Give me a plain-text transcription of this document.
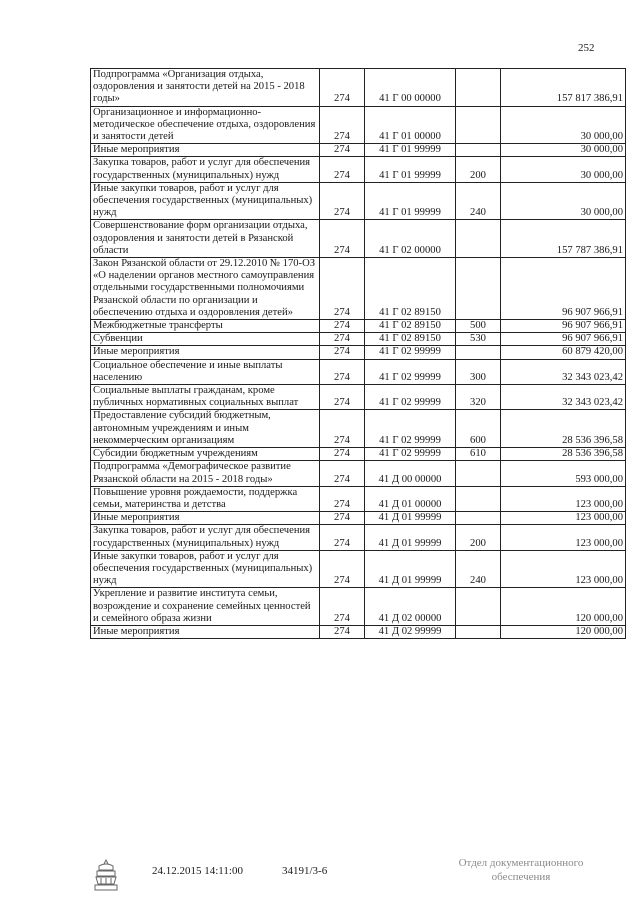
252
Подпрограмма «Организация отдыха, оздоровления и занятости детей на 2015 - 2018 годы»	274	41 Г 00 00000		157 817 386,91
Организационное и информационно-методическое обеспечение отдыха, оздоровления и занятости детей	274	41 Г 01 00000		30 000,00
Иные мероприятия	274	41 Г 01 99999		30 000,00
Закупка товаров, работ и услуг для обеспечения государственных (муниципальных) нужд	274	41 Г 01 99999	200	30 000,00
Иные закупки товаров, работ и услуг для обеспечения государственных (муниципальных) нужд	274	41 Г 01 99999	240	30 000,00
Совершенствование форм организации отдыха, оздоровления и занятости детей в Рязанской области	274	41 Г 02 00000		157 787 386,91
Закон Рязанской области от 29.12.2010 № 170-ОЗ «О наделении органов местного самоуправления отдельными государственными полномочиями Рязанской области по организации и обеспечению отдыха и оздоровления детей»	274	41 Г 02 89150		96 907 966,91
Межбюджетные трансферты	274	41 Г 02 89150	500	96 907 966,91
Субвенции	274	41 Г 02 89150	530	96 907 966,91
Иные мероприятия	274	41 Г 02 99999		60 879 420,00
Социальное обеспечение и иные выплаты населению	274	41 Г 02 99999	300	32 343 023,42
Социальные выплаты гражданам, кроме публичных нормативных социальных выплат	274	41 Г 02 99999	320	32 343 023,42
Предоставление субсидий бюджетным, автономным учреждениям и иным некоммерческим организациям	274	41 Г 02 99999	600	28 536 396,58
Субсидии бюджетным учреждениям	274	41 Г 02 99999	610	28 536 396,58
Подпрограмма «Демографическое развитие Рязанской области на 2015 - 2018 годы»	274	41 Д 00 00000		593 000,00
Повышение уровня рождаемости, поддержка семьи, материнства и детства	274	41 Д 01 00000		123 000,00
Иные мероприятия	274	41 Д 01 99999		123 000,00
Закупка товаров, работ и услуг для обеспечения государственных (муниципальных) нужд	274	41 Д 01 99999	200	123 000,00
Иные закупки товаров, работ и услуг для обеспечения государственных (муниципальных) нужд	274	41 Д 01 99999	240	123 000,00
Укрепление и развитие института семьи, возрождение и сохранение семейных ценностей и семейного образа жизни	274	41 Д 02 00000		120 000,00
Иные мероприятия	274	41 Д 02 99999		120 000,00
24.12.2015 14:11:00	34191/3-6
Отдел документационного
обеспечения
